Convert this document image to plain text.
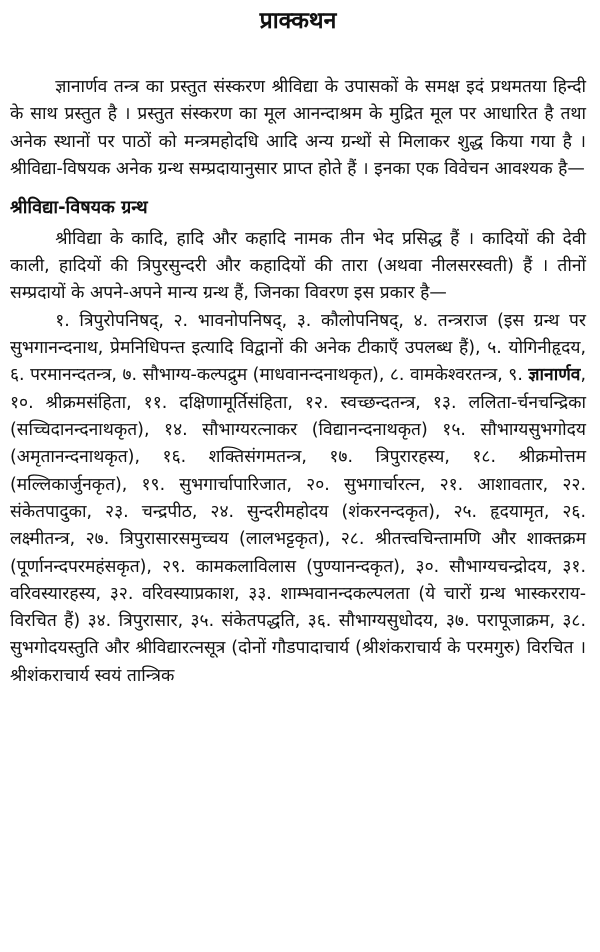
प्राक्कथन

ज्ञानार्णव तन्त्र का प्रस्तुत संस्करण श्रीविद्या के उपासकों के समक्ष इदं प्रथमतया हिन्दी के साथ प्रस्तुत है । प्रस्तुत संस्करण का मूल आनन्दाश्रम के मुद्रित मूल पर आधारित है तथा अनेक स्थानों पर पाठों को मन्त्रमहोदधि आदि अन्य ग्रन्थों से मिलाकर शुद्ध किया गया है । श्रीविद्या-विषयक अनेक ग्रन्थ सम्प्रदायानुसार प्राप्त होते हैं । इनका एक विवेचन आवश्यक है—

श्रीविद्या-विषयक ग्रन्थ

श्रीविद्या के कादि, हादि और कहादि नामक तीन भेद प्रसिद्ध हैं । कादियों की देवी काली, हादियों की त्रिपुरसुन्दरी और कहादियों की तारा (अथवा नीलसरस्वती) हैं । तीनों सम्प्रदायों के अपने-अपने मान्य ग्रन्थ हैं, जिनका विवरण इस प्रकार है—

१. त्रिपुरोपनिषद्, २. भावनोपनिषद्, ३. कौलोपनिषद्, ४. तन्त्रराज (इस ग्रन्थ पर सुभगानन्दनाथ, प्रेमनिधिपन्त इत्यादि विद्वानों की अनेक टीकाएँ उपलब्ध हैं), ५. योगिनीहृदय, ६. परमानन्दतन्त्र, ७. सौभाग्य-कल्पद्रुम (माधवानन्दनाथकृत), ८. वामकेश्वरतन्त्र, ९. ज्ञानार्णव, १०. श्रीक्रमसंहिता, ११. दक्षिणामूर्तिसंहिता, १२. स्वच्छन्दतन्त्र, १३. ललिता-र्चनचन्द्रिका (सच्चिदानन्दनाथकृत), १४. सौभाग्यरत्नाकर (विद्यानन्दनाथकृत) १५. सौभाग्यसुभगोदय (अमृतानन्दनाथकृत), १६. शक्तिसंगमतन्त्र, १७. त्रिपुरारहस्य, १८. श्रीक्रमोत्तम (मल्लिकार्जुनकृत), १९. सुभगार्चापारिजात, २०. सुभगार्चारत्न, २१. आशावतार, २२. संकेतपादुका, २३. चन्द्रपीठ, २४. सुन्दरीमहोदय (शंकरनन्दकृत), २५. हृदयामृत, २६. लक्ष्मीतन्त्र, २७. त्रिपुरासारसमुच्चय (लालभट्टकृत), २८. श्रीतत्त्वचिन्तामणि और शाक्तक्रम (पूर्णानन्दपरमहंसकृत), २९. कामकलाविलास (पुण्यानन्दकृत), ३०. सौभाग्यचन्द्रोदय, ३१. वरिवस्यारहस्य, ३२. वरिवस्याप्रकाश, ३३. शाम्भवानन्दकल्पलता (ये चारों ग्रन्थ भास्करराय-विरचित हैं) ३४. त्रिपुरासार, ३५. संकेतपद्धति, ३६. सौभाग्यसुधोदय, ३७. परापूजाक्रम, ३८. सुभगोदयस्तुति और श्रीविद्यारत्नसूत्र (दोनों गौडपादाचार्य (श्रीशंकराचार्य के परमगुरु) विरचित । श्रीशंकराचार्य स्वयं तान्त्रिक
